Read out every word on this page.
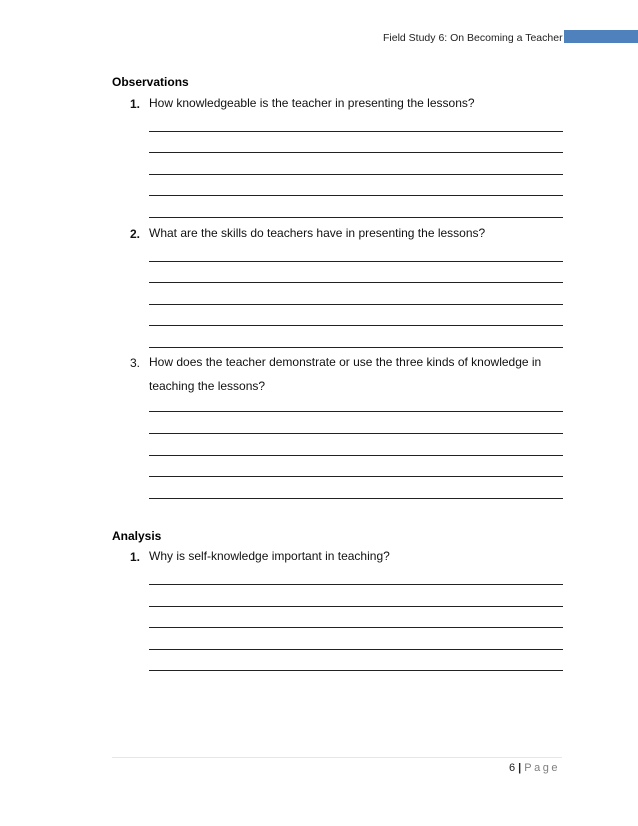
Field Study 6: On Becoming a Teacher
Observations
1. How knowledgeable is the teacher in presenting the lessons?
2. What are the skills do teachers have in presenting the lessons?
3. How does the teacher demonstrate or use the three kinds of knowledge in teaching the lessons?
Analysis
1. Why is self-knowledge important in teaching?
6 | Page
